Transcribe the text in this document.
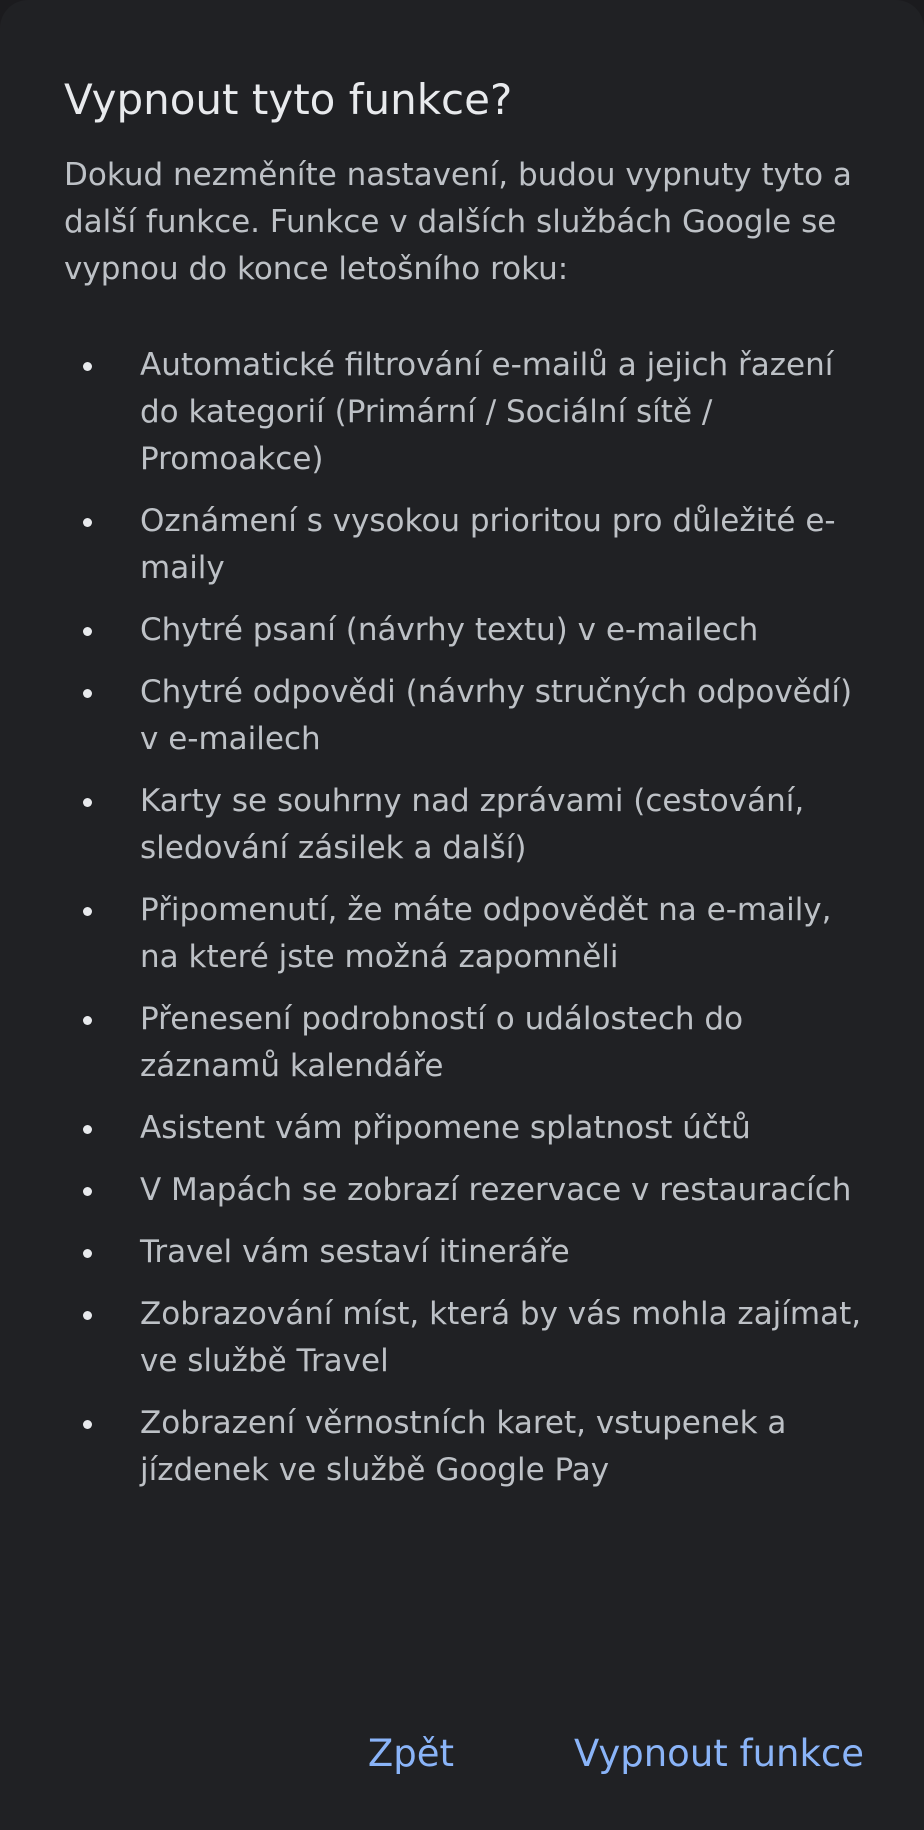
Vypnout tyto funkce?

Dokud nezměníte nastavení, budou vypnuty tyto a další funkce. Funkce v dalších službách Google se vypnou do konce letošního roku:

Automatické filtrování e-mailů a jejich řazení do kategorií (Primární / Sociální sítě / Promoakce)
Oznámení s vysokou prioritou pro důležité e-maily
Chytré psaní (návrhy textu) v e-mailech
Chytré odpovědi (návrhy stručných odpovědí) v e-mailech
Karty se souhrny nad zprávami (cestování, sledování zásilek a další)
Připomenutí, že máte odpovědět na e-maily, na které jste možná zapomněli
Přenesení podrobností o událostech do záznamů kalendáře
Asistent vám připomene splatnost účtů
V Mapách se zobrazí rezervace v restauracích
Travel vám sestaví itineráře
Zobrazování míst, která by vás mohla zajímat, ve službě Travel
Zobrazení věrnostních karet, vstupenek a jízdenek ve službě Google Pay
Zpět	Vypnout funkce
